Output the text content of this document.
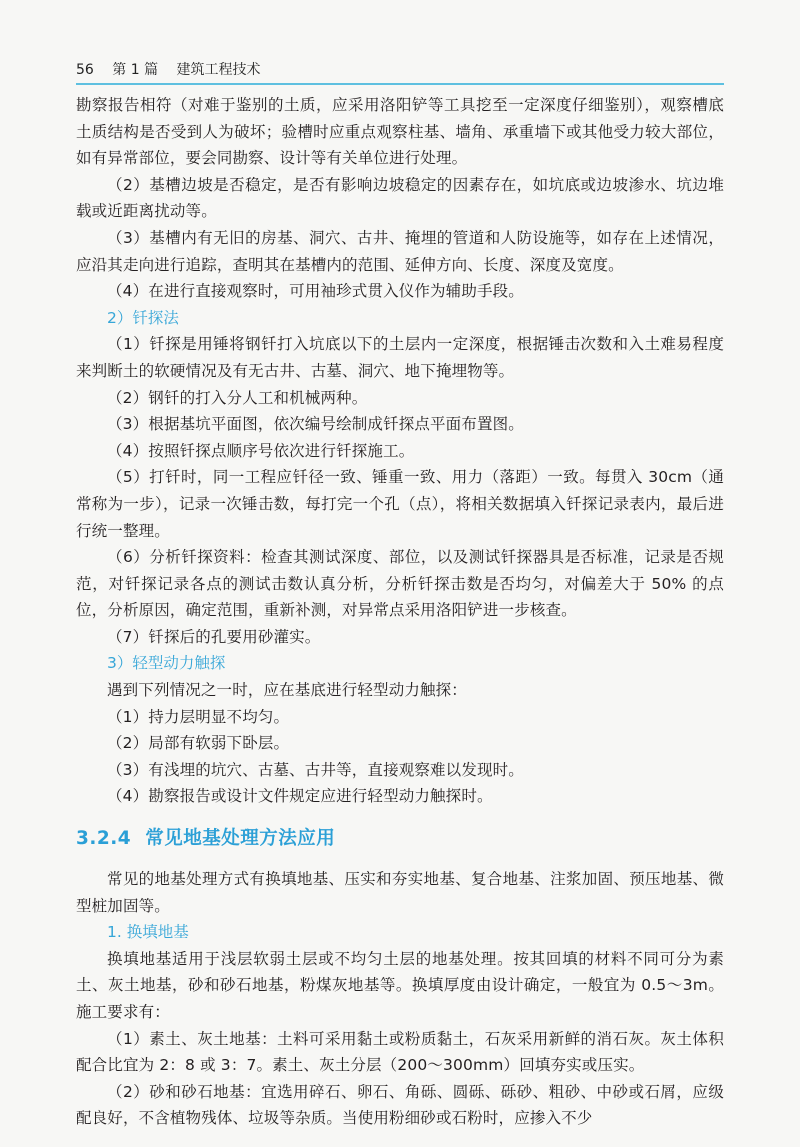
56 第 1 篇 建筑工程技术

勘察报告相符（对难于鉴别的土质，应采用洛阳铲等工具挖至一定深度仔细鉴别），观察槽底土质结构是否受到人为破坏；验槽时应重点观察柱基、墙角、承重墙下或其他受力较大部位，如有异常部位，要会同勘察、设计等有关单位进行处理。

（2）基槽边坡是否稳定，是否有影响边坡稳定的因素存在，如坑底或边坡渗水、坑边堆载或近距离扰动等。

（3）基槽内有无旧的房基、洞穴、古井、掩埋的管道和人防设施等，如存在上述情况，应沿其走向进行追踪，查明其在基槽内的范围、延伸方向、长度、深度及宽度。

（4）在进行直接观察时，可用袖珍式贯入仪作为辅助手段。

2）钎探法

（1）钎探是用锤将钢钎打入坑底以下的土层内一定深度，根据锤击次数和入土难易程度来判断土的软硬情况及有无古井、古墓、洞穴、地下掩埋物等。

（2）钢钎的打入分人工和机械两种。

（3）根据基坑平面图，依次编号绘制成钎探点平面布置图。

（4）按照钎探点顺序号依次进行钎探施工。

（5）打钎时，同一工程应钎径一致、锤重一致、用力（落距）一致。每贯入 30cm（通常称为一步），记录一次锤击数，每打完一个孔（点），将相关数据填入钎探记录表内，最后进行统一整理。

（6）分析钎探资料：检查其测试深度、部位，以及测试钎探器具是否标准，记录是否规范，对钎探记录各点的测试击数认真分析，分析钎探击数是否均匀，对偏差大于 50% 的点位，分析原因，确定范围，重新补测，对异常点采用洛阳铲进一步核查。

（7）钎探后的孔要用砂灌实。

3）轻型动力触探

遇到下列情况之一时，应在基底进行轻型动力触探：

（1）持力层明显不均匀。

（2）局部有软弱下卧层。

（3）有浅埋的坑穴、古墓、古井等，直接观察难以发现时。

（4）勘察报告或设计文件规定应进行轻型动力触探时。

3.2.4 常见地基处理方法应用

常见的地基处理方式有换填地基、压实和夯实地基、复合地基、注浆加固、预压地基、微型桩加固等。

1. 换填地基

换填地基适用于浅层软弱土层或不均匀土层的地基处理。按其回填的材料不同可分为素土、灰土地基，砂和砂石地基，粉煤灰地基等。换填厚度由设计确定，一般宜为 0.5～3m。施工要求有：

（1）素土、灰土地基：土料可采用黏土或粉质黏土，石灰采用新鲜的消石灰。灰土体积配合比宜为 2：8 或 3：7。素土、灰土分层（200～300mm）回填夯实或压实。

（2）砂和砂石地基：宜选用碎石、卵石、角砾、圆砾、砾砂、粗砂、中砂或石屑，应级配良好，不含植物残体、垃圾等杂质。当使用粉细砂或石粉时，应掺入不少
